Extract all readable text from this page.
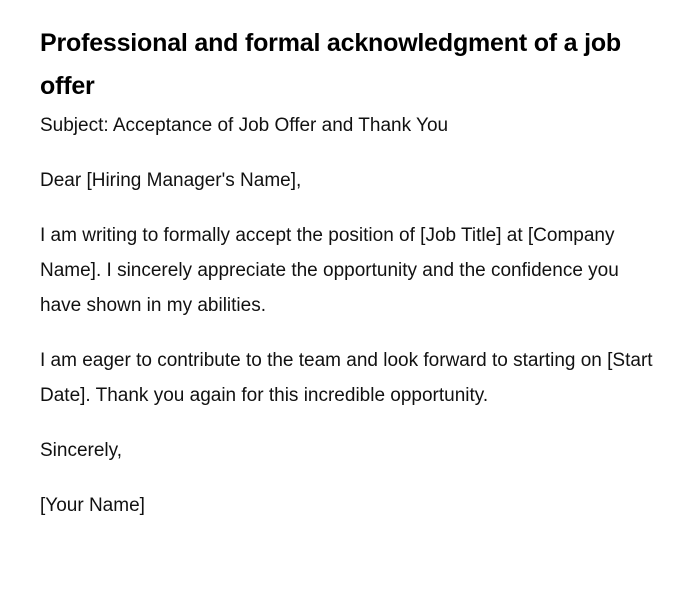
Professional and formal acknowledgment of a job offer

Subject: Acceptance of Job Offer and Thank You

Dear [Hiring Manager's Name],

I am writing to formally accept the position of [Job Title] at [Company Name]. I sincerely appreciate the opportunity and the confidence you have shown in my abilities.

I am eager to contribute to the team and look forward to starting on [Start Date]. Thank you again for this incredible opportunity.

Sincerely,

[Your Name]
